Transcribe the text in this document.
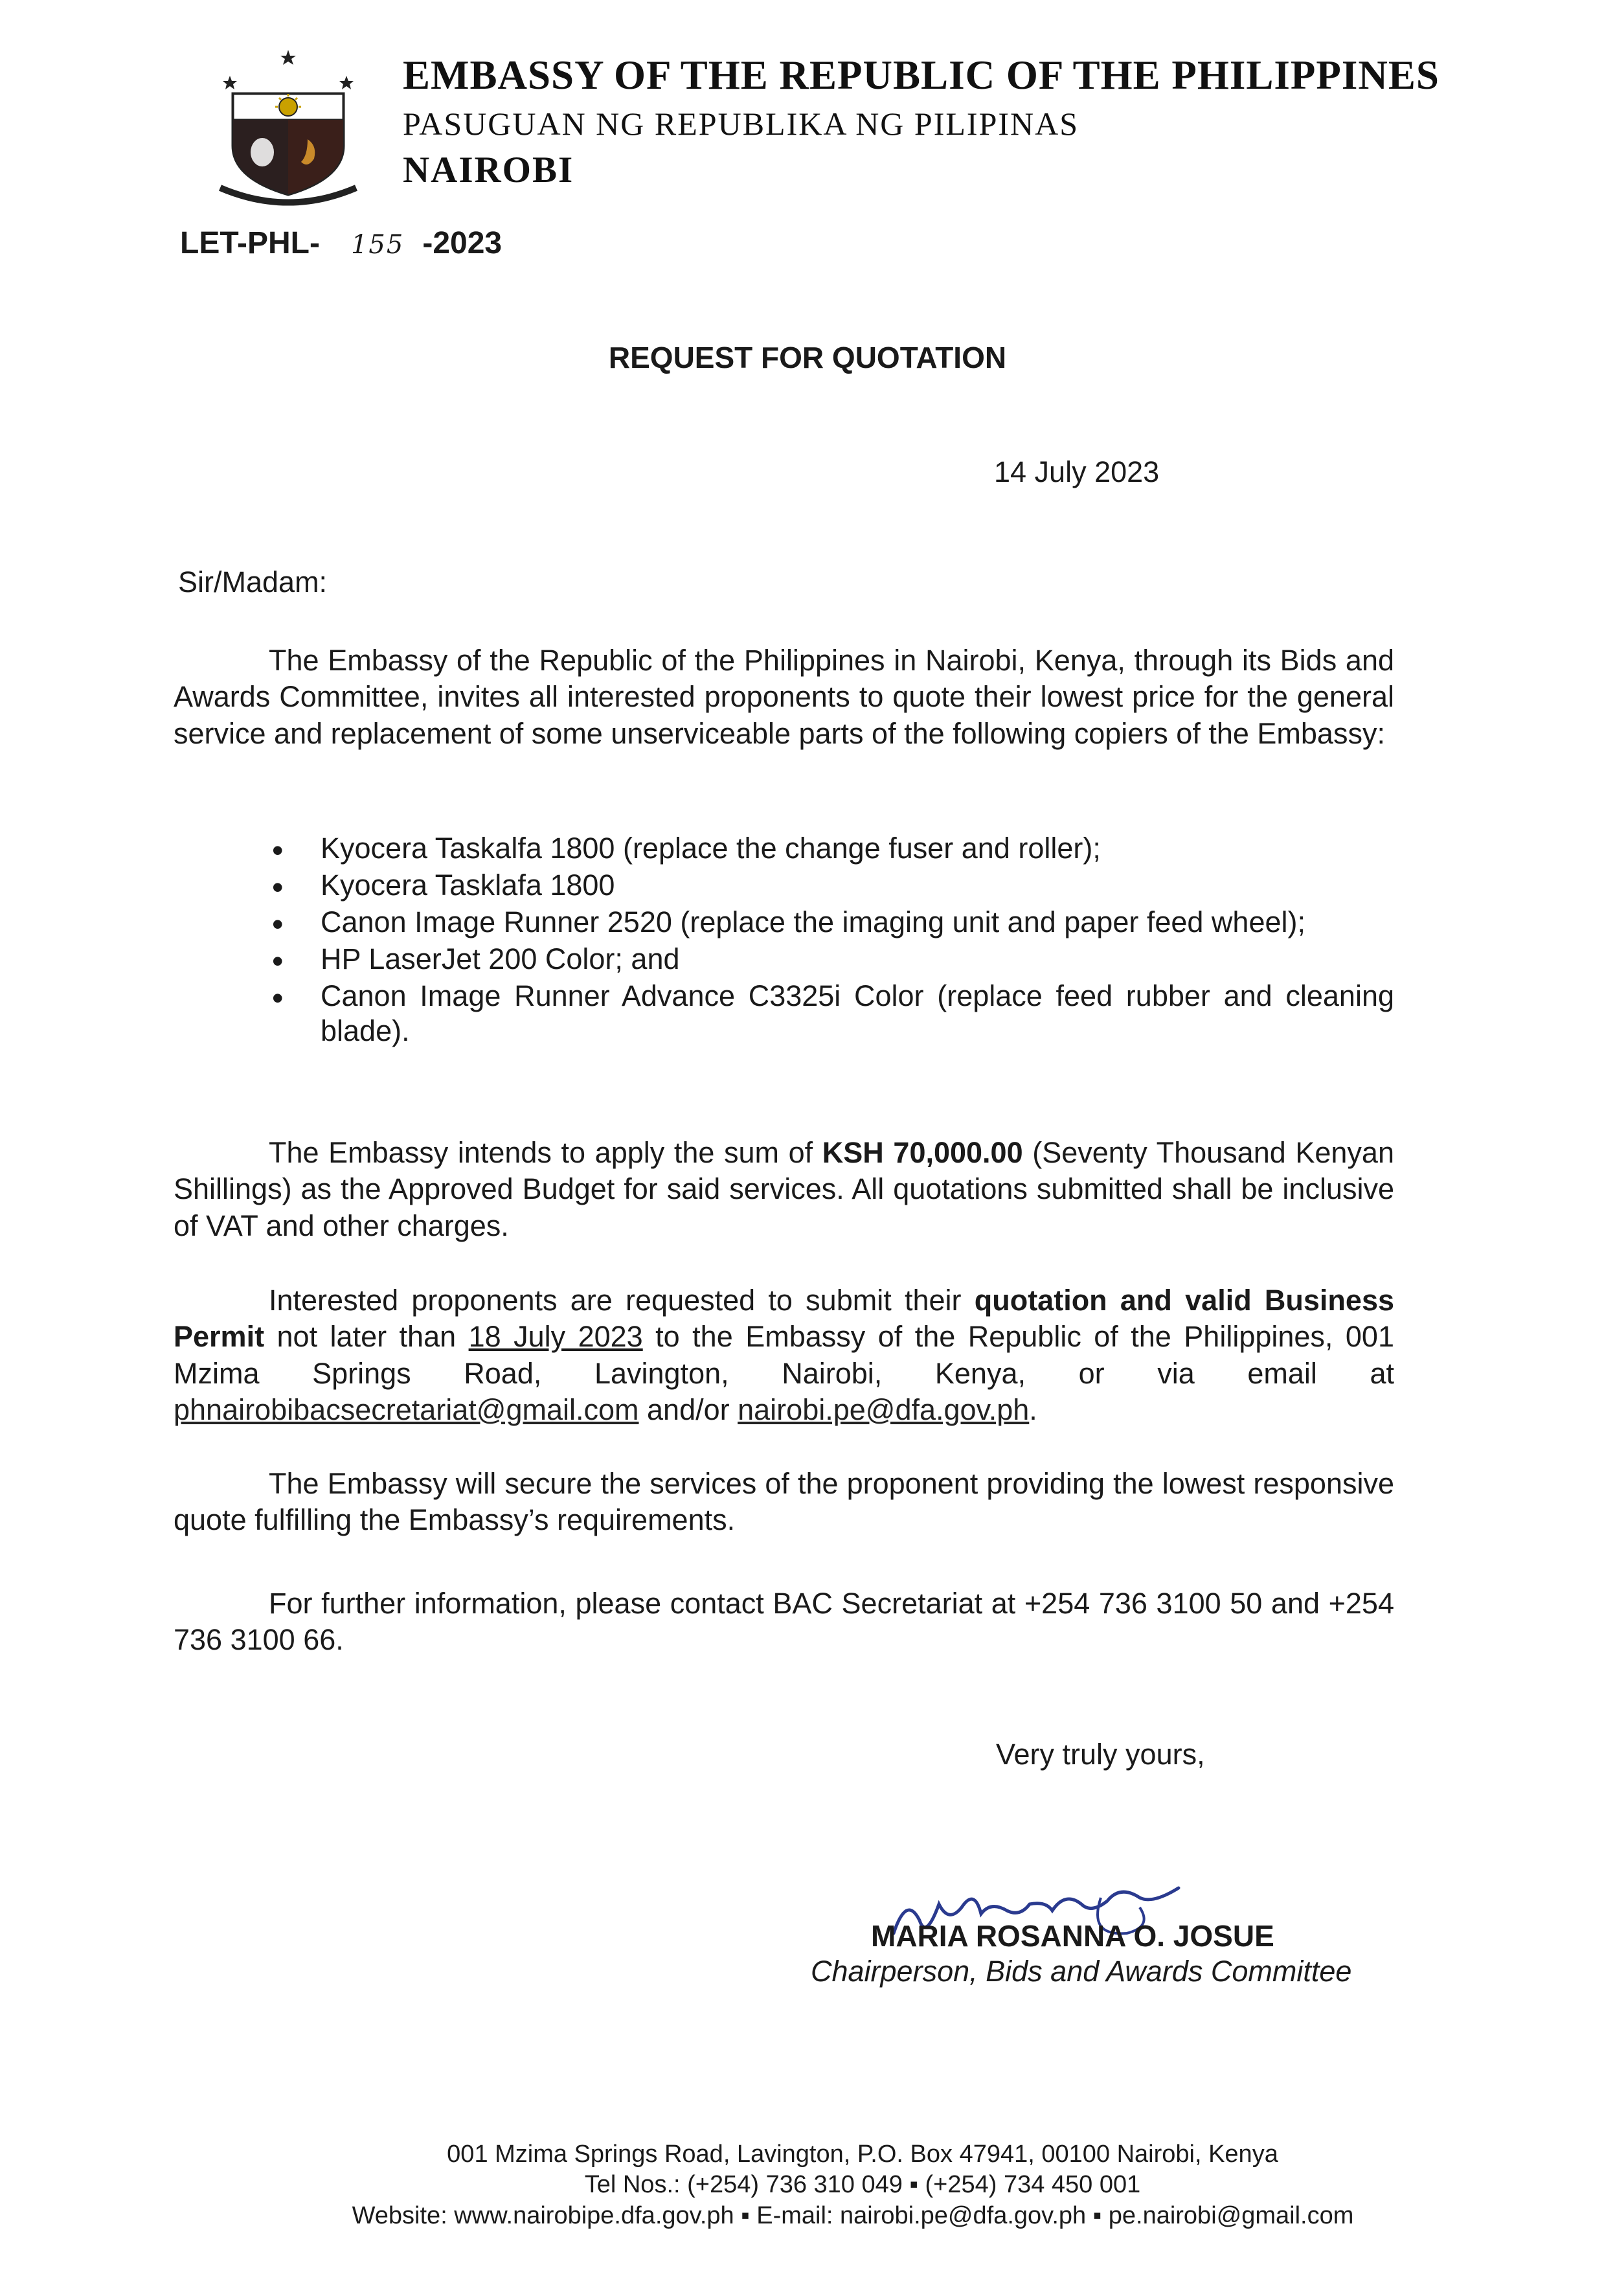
EMBASSY OF THE REPUBLIC OF THE PHILIPPINES
PASUGUAN NG REPUBLIKA NG PILIPINAS
NAIROBI
LET-PHL- 155 -2023
REQUEST FOR QUOTATION
14 July 2023
Sir/Madam:

The Embassy of the Republic of the Philippines in Nairobi, Kenya, through its Bids and Awards Committee, invites all interested proponents to quote their lowest price for the general service and replacement of some unserviceable parts of the following copiers of the Embassy:

• Kyocera Taskalfa 1800 (replace the change fuser and roller);
• Kyocera Tasklafa 1800
• Canon Image Runner 2520 (replace the imaging unit and paper feed wheel);
• HP LaserJet 200 Color; and
• Canon Image Runner Advance C3325i Color (replace feed rubber and cleaning blade).

The Embassy intends to apply the sum of KSH 70,000.00 (Seventy Thousand Kenyan Shillings) as the Approved Budget for said services. All quotations submitted shall be inclusive of VAT and other charges.

Interested proponents are requested to submit their quotation and valid Business Permit not later than 18 July 2023 to the Embassy of the Republic of the Philippines, 001 Mzima Springs Road, Lavington, Nairobi, Kenya, or via email at phnairobibacsecretariat@gmail.com and/or nairobi.pe@dfa.gov.ph.

The Embassy will secure the services of the proponent providing the lowest responsive quote fulfilling the Embassy’s requirements.

For further information, please contact BAC Secretariat at +254 736 3100 50 and +254 736 3100 66.

Very truly yours,
MARIA ROSANNA O. JOSUE
Chairperson, Bids and Awards Committee
001 Mzima Springs Road, Lavington, P.O. Box 47941, 00100 Nairobi, Kenya
Tel Nos.: (+254) 736 310 049 ▪ (+254) 734 450 001
Website: www.nairobipe.dfa.gov.ph ▪ E-mail: nairobi.pe@dfa.gov.ph ▪ pe.nairobi@gmail.com
